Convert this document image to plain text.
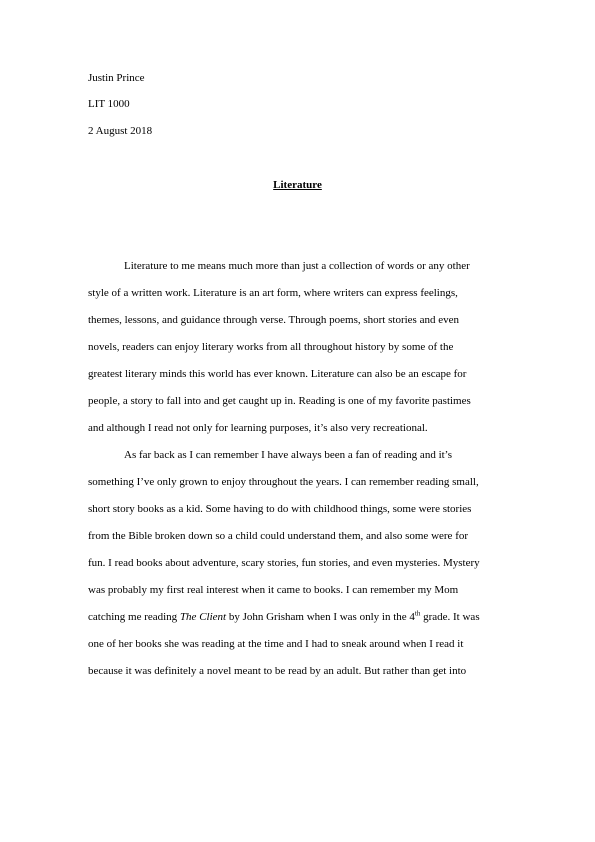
Justin Prince
LIT 1000
2 August 2018
Literature
Literature to me means much more than just a collection of words or any other
style of a written work. Literature is an art form, where writers can express feelings,
themes, lessons, and guidance through verse. Through poems, short stories and even
novels, readers can enjoy literary works from all throughout history by some of the
greatest literary minds this world has ever known. Literature can also be an escape for
people, a story to fall into and get caught up in. Reading is one of my favorite pastimes
and although I read not only for learning purposes, it’s also very recreational.
As far back as I can remember I have always been a fan of reading and it’s
something I’ve only grown to enjoy throughout the years. I can remember reading small,
short story books as a kid. Some having to do with childhood things, some were stories
from the Bible broken down so a child could understand them, and also some were for
fun. I read books about adventure, scary stories, fun stories, and even mysteries. Mystery
was probably my first real interest when it came to books. I can remember my Mom
catching me reading The Client by John Grisham when I was only in the 4th grade. It was
one of her books she was reading at the time and I had to sneak around when I read it
because it was definitely a novel meant to be read by an adult. But rather than get into
